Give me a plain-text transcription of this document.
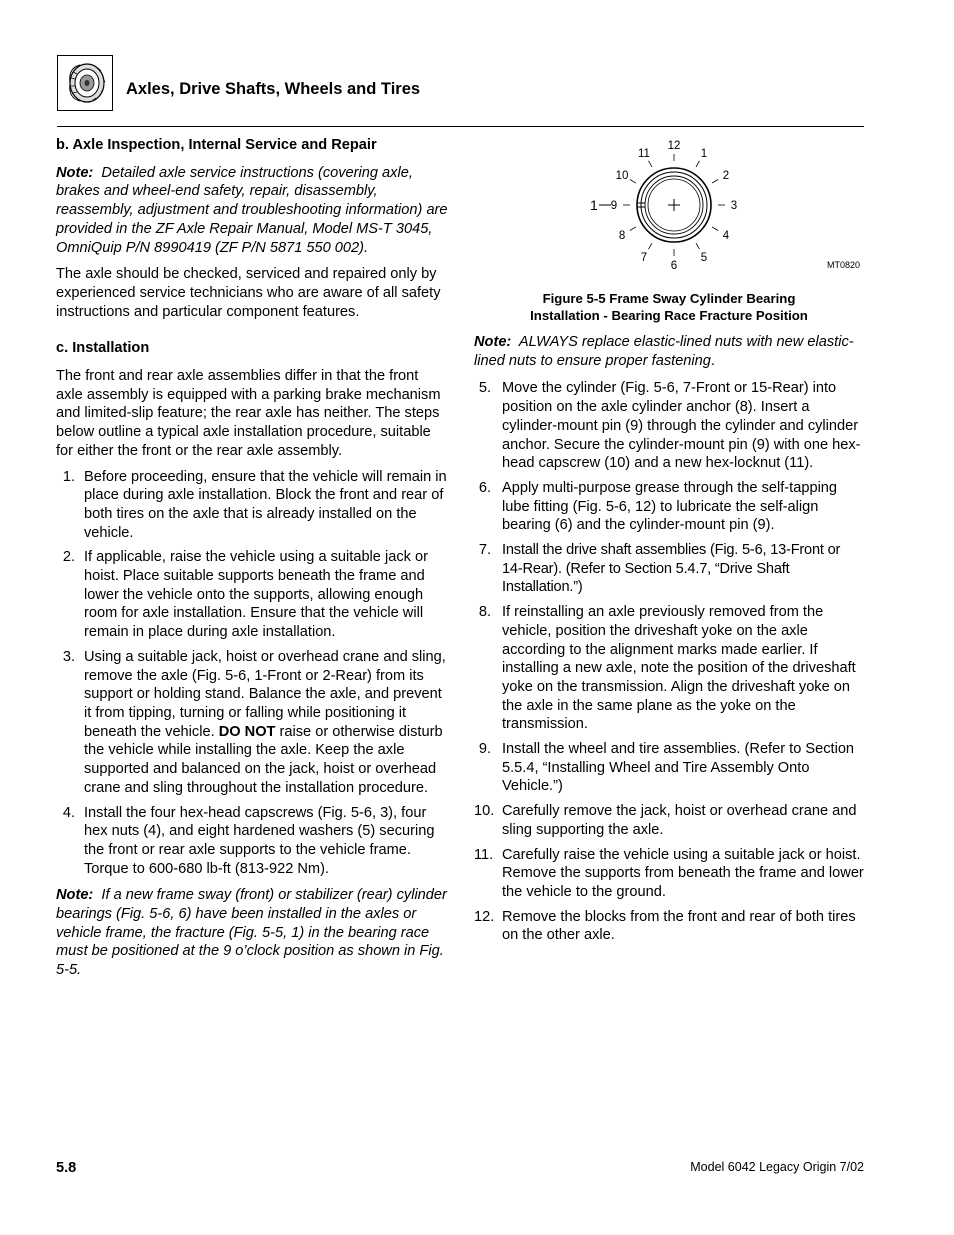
Axles, Drive Shafts, Wheels and Tires
b. Axle Inspection, Internal Service and Repair
Note: Detailed axle service instructions (covering axle, brakes and wheel-end safety, repair, disassembly, reassembly, adjustment and troubleshooting information) are provided in the ZF Axle Repair Manual, Model MS-T 3045, OmniQuip P/N 8990419 (ZF P/N 5871 550 002).

The axle should be checked, serviced and repaired only by experienced service technicians who are aware of all safety instructions and particular component features.

c. Installation

The front and rear axle assemblies differ in that the front axle assembly is equipped with a parking brake mechanism and limited-slip feature; the rear axle has neither. The steps below outline a typical axle installation procedure, suitable for either the front or the rear axle assembly.

1. Before proceeding, ensure that the vehicle will remain in place during axle installation. Block the front and rear of both tires on the axle that is already installed on the vehicle.
2. If applicable, raise the vehicle using a suitable jack or hoist. Place suitable supports beneath the frame and lower the vehicle onto the supports, allowing enough room for axle installation. Ensure that the vehicle will remain in place during axle installation.
3. Using a suitable jack, hoist or overhead crane and sling, remove the axle (Fig. 5-6, 1-Front or 2-Rear) from its support or holding stand. Balance the axle, and prevent it from tipping, turning or falling while positioning it beneath the vehicle. DO NOT raise or otherwise disturb the vehicle while installing the axle. Keep the axle supported and balanced on the jack, hoist or overhead crane and sling throughout the installation procedure.
4. Install the four hex-head capscrews (Fig. 5-6, 3), four hex nuts (4), and eight hardened washers (5) securing the front or rear axle supports to the vehicle frame. Torque to 600-680 lb-ft (813-922 Nm).
Note: If a new frame sway (front) or stabilizer (rear) cylinder bearings (Fig. 5-6, 6) have been installed in the axles or vehicle frame, the fracture (Fig. 5-5, 1) in the bearing race must be positioned at the 9 o’clock position as shown in Fig. 5-5.
12
1
2
3
4
5
6
7
8
9
10
11
1
MT0820
Figure 5-5 Frame Sway Cylinder Bearing
Installation - Bearing Race Fracture Position
Note: ALWAYS replace elastic-lined nuts with new elastic-lined nuts to ensure proper fastening.
5. Move the cylinder (Fig. 5-6, 7-Front or 15-Rear) into position on the axle cylinder anchor (8). Insert a cylinder-mount pin (9) through the cylinder and cylinder anchor. Secure the cylinder-mount pin (9) with one hex-head capscrew (10) and a new hex-locknut (11).
6. Apply multi-purpose grease through the self-tapping lube fitting (Fig. 5-6, 12) to lubricate the self-align bearing (6) and the cylinder-mount pin (9).
7. Install the drive shaft assemblies (Fig. 5-6, 13-Front or 14-Rear). (Refer to Section 5.4.7, “Drive Shaft Installation.”)
8. If reinstalling an axle previously removed from the vehicle, position the driveshaft yoke on the axle according to the alignment marks made earlier. If installing a new axle, note the position of the driveshaft yoke on the transmission. Align the driveshaft yoke on the axle in the same plane as the yoke on the transmission.
9. Install the wheel and tire assemblies. (Refer to Section 5.5.4, “Installing Wheel and Tire Assembly Onto Vehicle.”)
10. Carefully remove the jack, hoist or overhead crane and sling supporting the axle.
11. Carefully raise the vehicle using a suitable jack or hoist. Remove the supports from beneath the frame and lower the vehicle to the ground.
12. Remove the blocks from the front and rear of both tires on the other axle.
5.8	Model 6042 Legacy Origin 7/02
